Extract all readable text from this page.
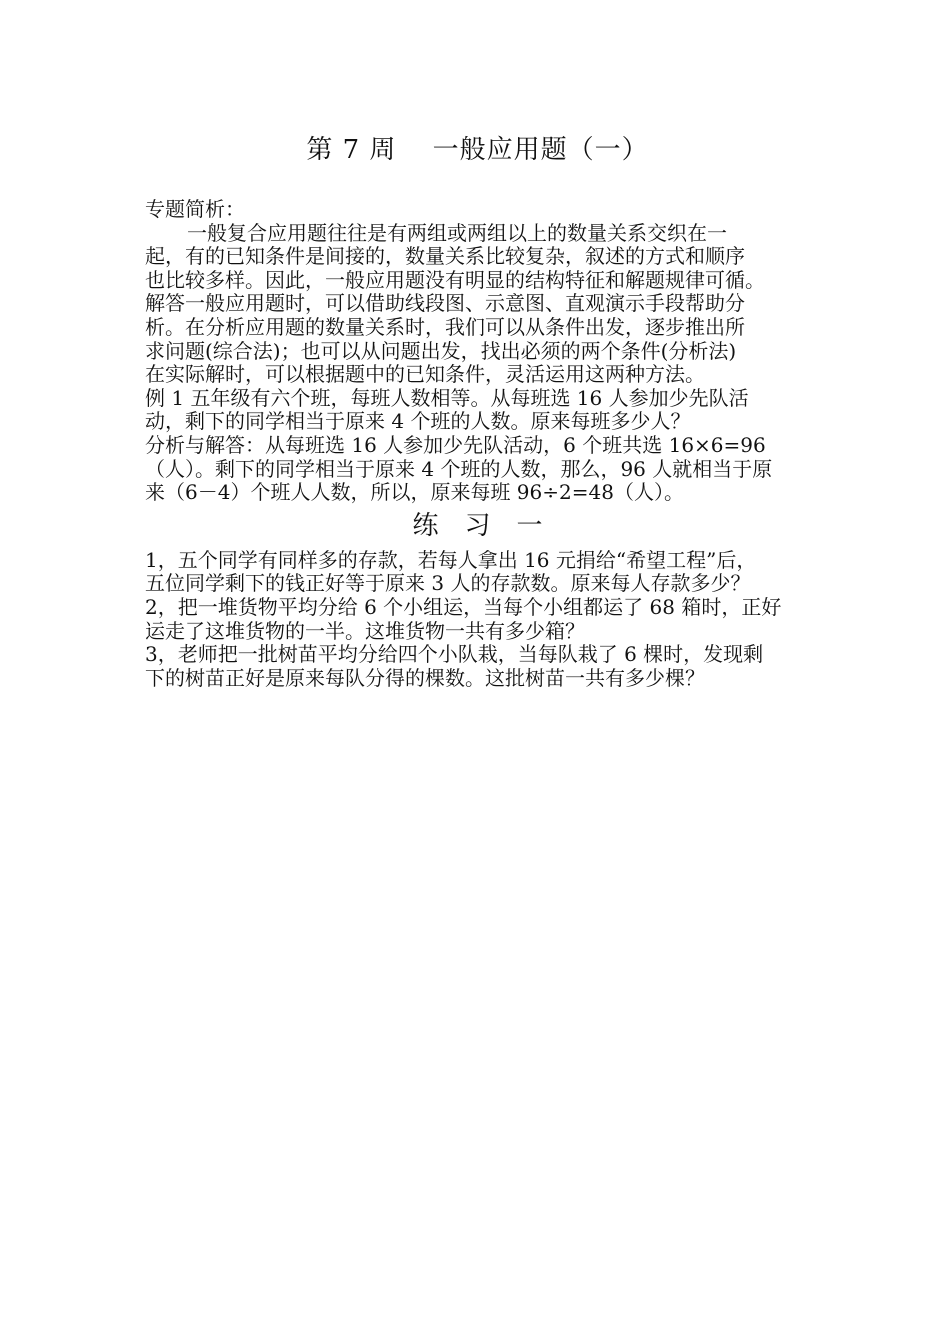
第 7 周　 一般应用题（一）
专题简析：
一般复合应用题往往是有两组或两组以上的数量关系交织在一
起，有的已知条件是间接的，数量关系比较复杂，叙述的方式和顺序
也比较多样。因此，一般应用题没有明显的结构特征和解题规律可循。
解答一般应用题时，可以借助线段图、示意图、直观演示手段帮助分
析。在分析应用题的数量关系时，我们可以从条件出发，逐步推出所
求问题(综合法)；也可以从问题出发，找出必须的两个条件(分析法)
在实际解时，可以根据题中的已知条件，灵活运用这两种方法。
例 1 五年级有六个班，每班人数相等。从每班选 16 人参加少先队活
动，剩下的同学相当于原来 4 个班的人数。原来每班多少人？
分析与解答：从每班选 16 人参加少先队活动，6 个班共选 16×6=96
（人）。剩下的同学相当于原来 4 个班的人数，那么，96 人就相当于原
来（6－4）个班人人数，所以，原来每班 96÷2=48（人）。
练　习　一
1，五个同学有同样多的存款，若每人拿出 16 元捐给“希望工程”后，
五位同学剩下的钱正好等于原来 3 人的存款数。原来每人存款多少？
2，把一堆货物平均分给 6 个小组运，当每个小组都运了 68 箱时，正好
运走了这堆货物的一半。这堆货物一共有多少箱？
3，老师把一批树苗平均分给四个小队栽，当每队栽了 6 棵时，发现剩
下的树苗正好是原来每队分得的棵数。这批树苗一共有多少棵？
